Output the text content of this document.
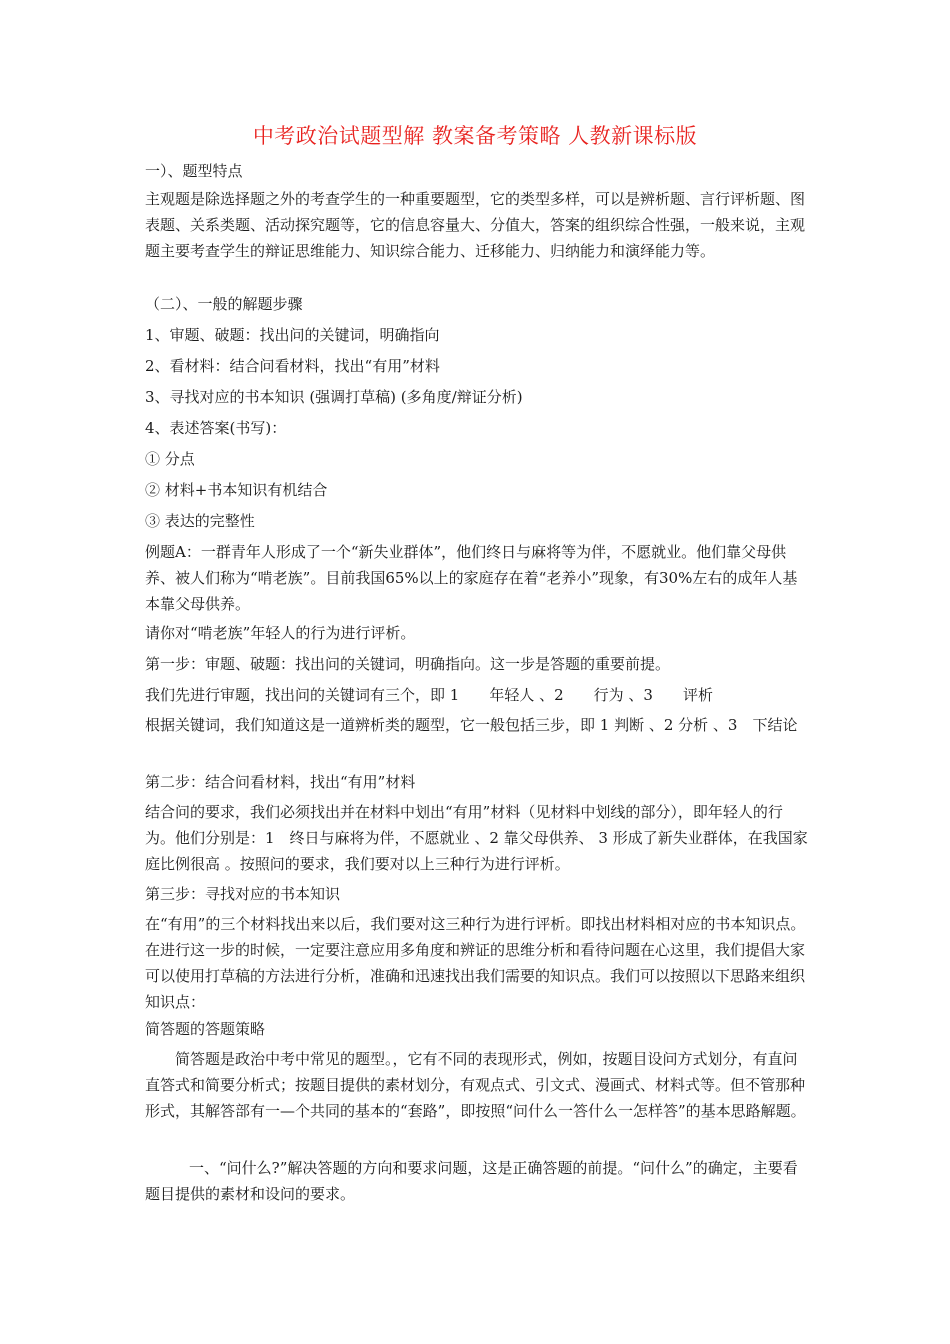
中考政治试题型解 教案备考策略 人教新课标版
一）、题型特点
主观题是除选择题之外的考查学生的一种重要题型，它的类型多样，可以是辨析题、言行评析题、图表题、关系类题、活动探究题等，它的信息容量大、分值大，答案的组织综合性强，一般来说，主观题主要考查学生的辩证思维能力、知识综合能力、迁移能力、归纳能力和演绎能力等。
（二）、一般的解题步骤
1、审题、破题：找出问的关键词，明确指向
2、看材料：结合问看材料，找出“有用”材料
3、寻找对应的书本知识 (强调打草稿) (多角度/辩证分析)
4、表述答案(书写)：
① 分点
② 材料+书本知识有机结合
③ 表达的完整性
例题A：一群青年人形成了一个“新失业群体”，他们终日与麻将等为伴，不愿就业。他们靠父母供养、被人们称为“啃老族”。目前我国65%以上的家庭存在着“老养小”现象，有30%左右的成年人基本靠父母供养。
请你对“啃老族”年轻人的行为进行评析。
第一步：审题、破题：找出问的关键词，明确指向。这一步是答题的重要前提。
我们先进行审题，找出问的关键词有三个，即 1　　年轻人 、2　　行为 、3　　评析
根据关键词，我们知道这是一道辨析类的题型，它一般包括三步，即 1 判断 、2 分析 、3　下结论
第二步：结合问看材料，找出“有用”材料
结合问的要求，我们必须找出并在材料中划出“有用”材料（见材料中划线的部分），即年轻人的行为。他们分别是：1　终日与麻将为伴，不愿就业 、2 靠父母供养、 3 形成了新失业群体，在我国家庭比例很高 。按照问的要求，我们要对以上三种行为进行评析。
第三步：寻找对应的书本知识
在“有用”的三个材料找出来以后，我们要对这三种行为进行评析。即找出材料相对应的书本知识点。在进行这一步的时候，一定要注意应用多角度和辨证的思维分析和看待问题在心这里，我们提倡大家可以使用打草稿的方法进行分析，准确和迅速找出我们需要的知识点。我们可以按照以下思路来组织知识点：
简答题的答题策略
简答题是政治中考中常见的题型。，它有不同的表现形式，例如，按题目设问方式划分，有直问直答式和简要分析式；按题目提供的素材划分，有观点式、引文式、漫画式、材料式等。但不管那种形式，其解答部有一—个共同的基本的“套路”，即按照“问什么一答什么一怎样答”的基本思路解题。
一、“问什么?”解决答题的方向和要求问题，这是正确答题的前提。“问什么”的确定，主要看题目提供的素材和设问的要求。
